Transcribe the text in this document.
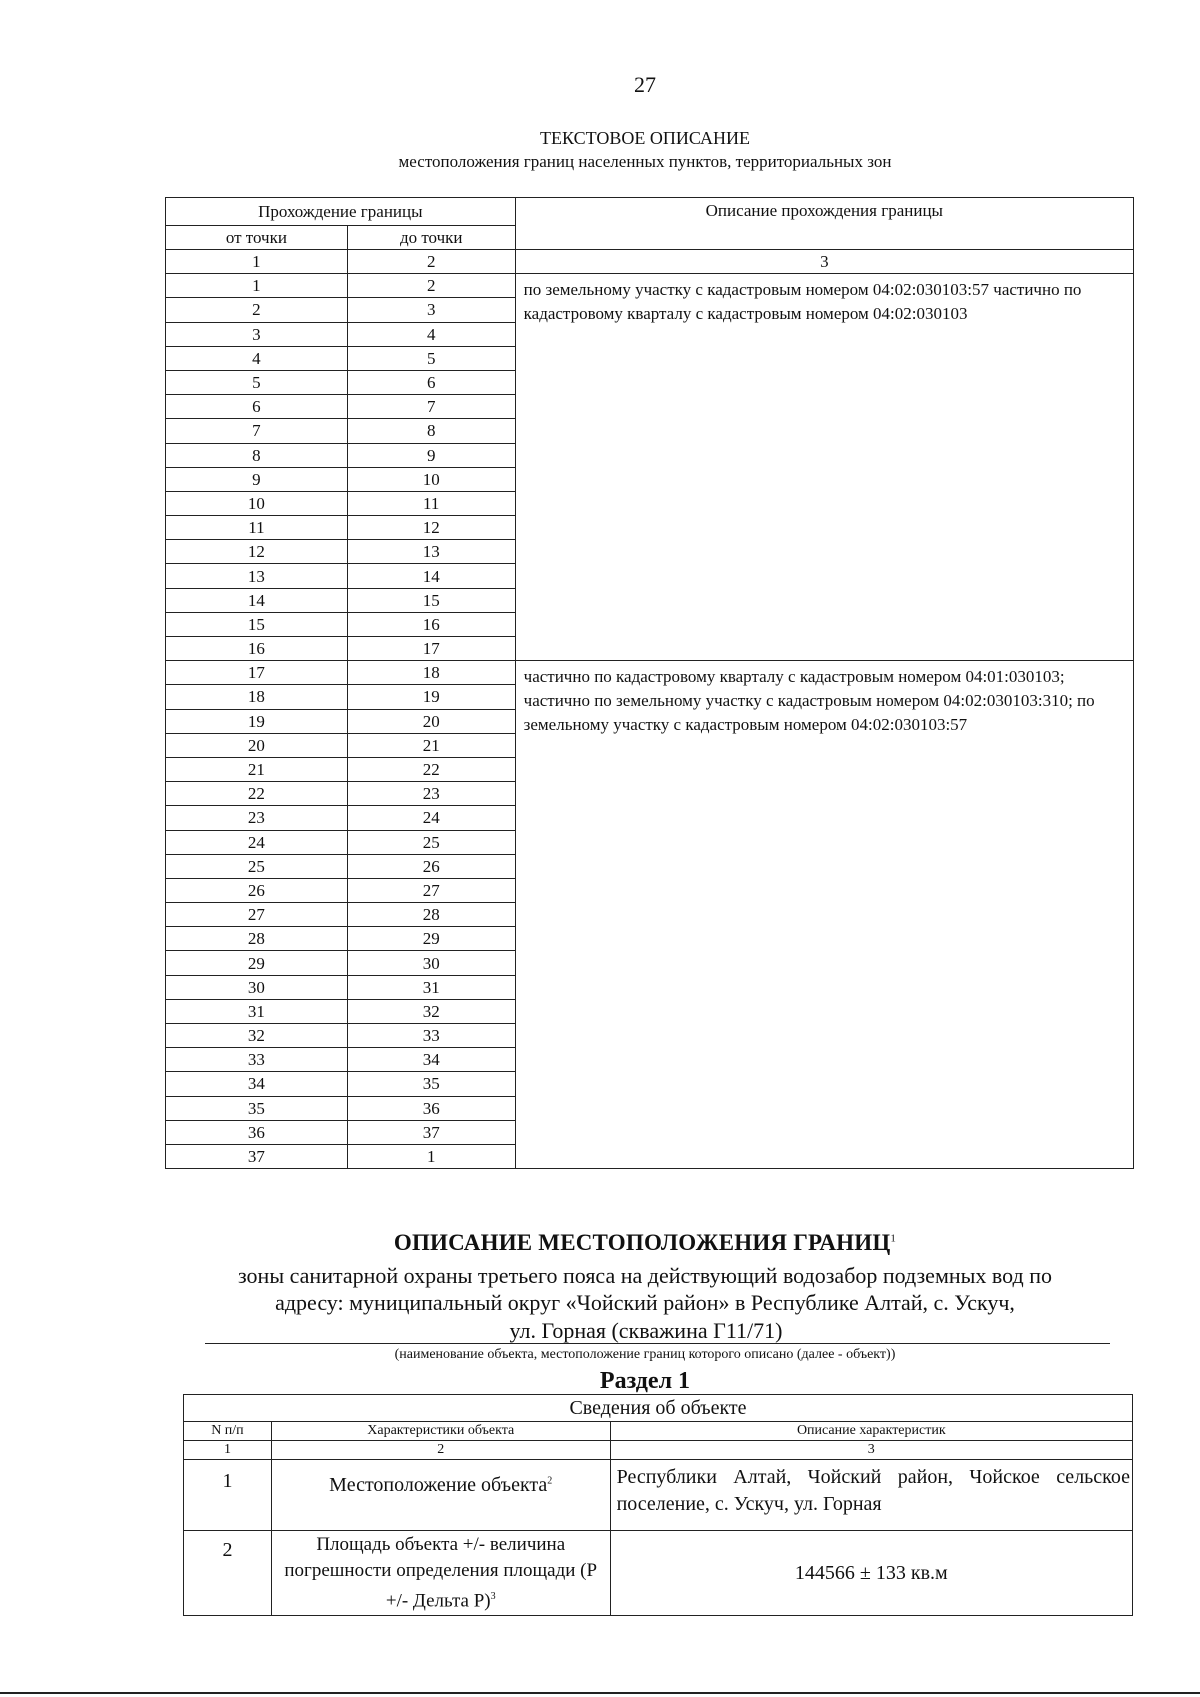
27
ТЕКСТОВОЕ ОПИСАНИЕ
местоположения границ населенных пунктов, территориальных зон
Прохождение границы		Описание прохождения границы
от точки	до точки	
1	2	3
1	2	по земельному участку с кадастровым номером 04:02:030103:57 частично по кадастровому кварталу с кадастровым номером 04:02:030103
2	3	
3	4	
4	5	
5	6	
6	7	
7	8	
8	9	
9	10	
10	11	
11	12	
12	13	
13	14	
14	15	
15	16	
16	17	
17	18	частично по кадастровому кварталу с кадастровым номером 04:01:030103; частично по земельному участку с кадастровым номером 04:02:030103:310; по земельному участку с кадастровым номером 04:02:030103:57
18	19	
19	20	
20	21	
21	22	
22	23	
23	24	
24	25	
25	26	
26	27	
27	28	
28	29	
29	30	
30	31	
31	32	
32	33	
33	34	
34	35	
35	36	
36	37	
37	1	
ОПИСАНИЕ МЕСТОПОЛОЖЕНИЯ ГРАНИЦ$^1$
зоны санитарной охраны третьего пояса на действующий водозабор подземных вод по
адресу: муниципальный округ «Чойский район» в Республике Алтай, с. Ускуч,
ул. Горная (скважина Г11/71)
(наименование объекта, местоположение границ которого описано (далее - объект))
Раздел 1
Сведения об объекте		
N п/п	Характеристики объекта	Описание характеристик
1	2	3
1	Местоположение объекта$^2$	Республики Алтай, Чойский район, Чойское сельское поселение, с. Ускуч, ул. Горная
2	Площадь объекта +/- величина погрешности определения площади (P +/- Дельта P)$^3$	144566 ± 133 кв.м
